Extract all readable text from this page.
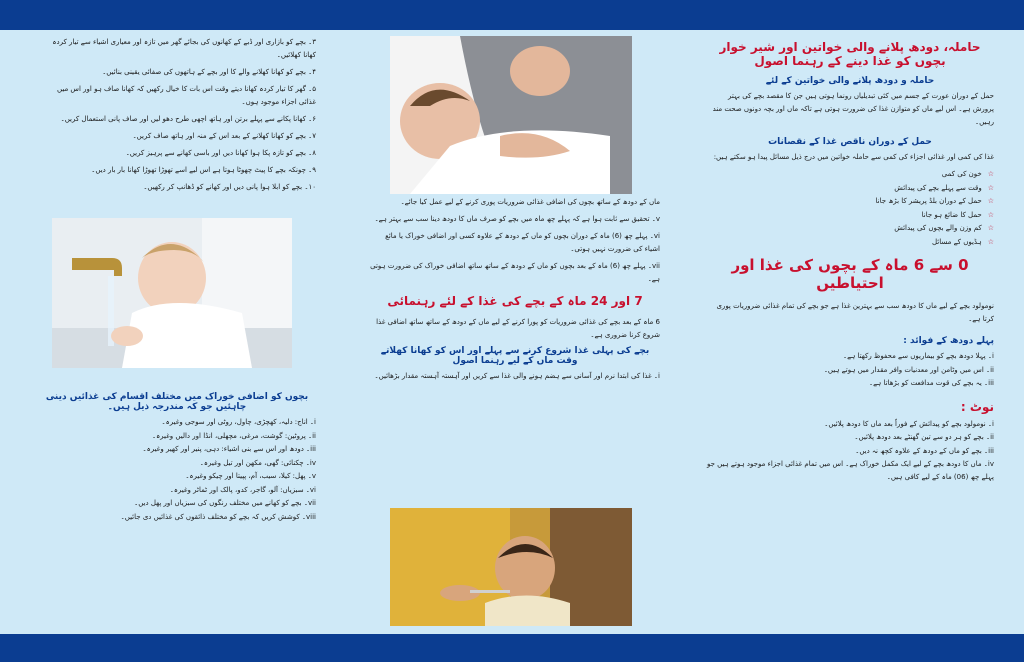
٣۔ بچے کو بازاری اور ڈبے کے کھانوں کی بجائے گھر میں تازہ اور معیاری اشیاء سے تیار کردہ کھانا کھلائیں۔

۴۔ بچے کو کھانا کھلانے والے کا اور بچے کے ہاتھوں کی صفائی یقینی بنائیں۔

۵۔ گھر کا تیار کردہ کھانا دیتے وقت اس بات کا خیال رکھیں کہ کھانا صاف ہو اور اس میں غذائی اجزاء موجود ہوں۔

۶۔ کھانا پکانے سے پہلے برتن اور ہاتھ اچھی طرح دھو لیں اور صاف پانی استعمال کریں۔

۷۔ بچے کو کھانا کھلانے کے بعد اس کے منہ اور ہاتھ صاف کریں۔

۸۔ بچے کو تازہ پکا ہوا کھانا دیں اور باسی کھانے سے پرہیز کریں۔

۹۔ چونکہ بچے کا پیٹ چھوٹا ہوتا ہے اس لیے اسے تھوڑا تھوڑا کھانا بار بار دیں۔

۱۰۔ بچے کو ابلا ہوا پانی دیں اور کھانے کو ڈھانپ کر رکھیں۔

بچوں کو اضافی خوراک میں مختلف اقسام کی غذائیں دینی چاہئیں جو کہ مندرجہ ذیل ہیں۔
i۔ اناج: دلیہ، کھچڑی، چاول، روٹی اور سوجی وغیرہ۔
ii۔ پروٹین: گوشت، مرغی، مچھلی، انڈا اور دالیں وغیرہ۔
iii۔ دودھ اور اس سے بنی اشیاء: دہی، پنیر اور کھیر وغیرہ۔
iv۔ چکنائی: گھی، مکھن اور تیل وغیرہ۔
v۔ پھل: کیلا، سیب، آم، پپیتا اور چیکو وغیرہ۔
vi۔ سبزیاں: آلو، گاجر، کدو، پالک اور ٹماٹر وغیرہ۔
vii۔ بچے کو کھانے میں مختلف رنگوں کی سبزیاں اور پھل دیں۔
viii۔ کوشش کریں کہ بچے کو مختلف ذائقوں کی غذائیں دی جائیں۔

ماں کے دودھ کے ساتھ بچوں کی اضافی غذائی ضروریات پوری کرنے کے لیے عمل کیا جائے۔

v۔ تحقیق سے ثابت ہوا ہے کہ پہلے چھ ماہ میں بچے کو صرف ماں کا دودھ دینا سب سے بہتر ہے۔

vi۔ پہلے چھ (6) ماہ کے دوران بچوں کو ماں کے دودھ کے علاوہ کسی اور اضافی خوراک یا مائع اشیاء کی ضرورت نہیں ہوتی۔

vii۔ پہلے چھ (6) ماہ کے بعد بچوں کو ماں کے دودھ کے ساتھ ساتھ اضافی خوراک کی ضرورت ہوتی ہے۔

7 اور 24 ماہ کے بچے کی غذا کے لئے رہنمائی

6 ماہ کے بعد بچے کی غذائی ضروریات کو پورا کرنے کے لیے ماں کے دودھ کے ساتھ ساتھ اضافی غذا شروع کرنا ضروری ہے۔

بچے کی پہلی غذا شروع کرنے سے پہلے اور اس کو کھانا کھلاتے وقت ماں کے لیے رہنما اصول

i۔ غذا کی ابتدا نرم اور آسانی سے ہضم ہونے والی غذا سے کریں اور آہستہ آہستہ مقدار بڑھائیں۔

حاملہ، دودھ پلانے والی خواتین اور شیر خوار بچوں کو غذا دینے کے رہنما اصول
حاملہ و دودھ پلانے والی خواتین کے لئے

حمل کے دوران عورت کے جسم میں کئی تبدیلیاں رونما ہوتی ہیں جن کا مقصد بچے کی بہتر پرورش ہے۔ اس لیے ماں کو متوازن غذا کی ضرورت ہوتی ہے تاکہ ماں اور بچہ دونوں صحت مند رہیں۔

حمل کے دوران ناقص غذا کے نقصانات

غذا کی کمی اور غذائی اجزاء کی کمی سے حاملہ خواتین میں درج ذیل مسائل پیدا ہو سکتے ہیں:

☆خون کی کمی
☆وقت سے پہلے بچے کی پیدائش
☆حمل کے دوران بلڈ پریشر کا بڑھ جانا
☆حمل کا ضائع ہو جانا
☆کم وزن والے بچوں کی پیدائش
☆ہڈیوں کے مسائل
0 سے 6 ماہ کے بچوں کی غذا اور احتیاطیں

نومولود بچے کے لیے ماں کا دودھ سب سے بہترین غذا ہے جو بچے کی تمام غذائی ضروریات پوری کرتا ہے۔

پہلے دودھ کے فوائد :
i۔ پہلا دودھ بچے کو بیماریوں سے محفوظ رکھتا ہے۔
ii۔ اس میں وٹامن اور معدنیات وافر مقدار میں ہوتے ہیں۔
iii۔ یہ بچے کی قوت مدافعت کو بڑھاتا ہے۔
نوٹ :
i۔ نومولود بچے کو پیدائش کے فوراً بعد ماں کا دودھ پلائیں۔
ii۔ بچے کو ہر دو سے تین گھنٹے بعد دودھ پلائیں۔
iii۔ بچے کو ماں کے دودھ کے علاوہ کچھ نہ دیں۔
iv۔ ماں کا دودھ بچے کے لیے ایک مکمل خوراک ہے۔ اس میں تمام غذائی اجزاء موجود ہوتے ہیں جو پہلے چھ (06) ماہ کے لیے کافی ہیں۔
